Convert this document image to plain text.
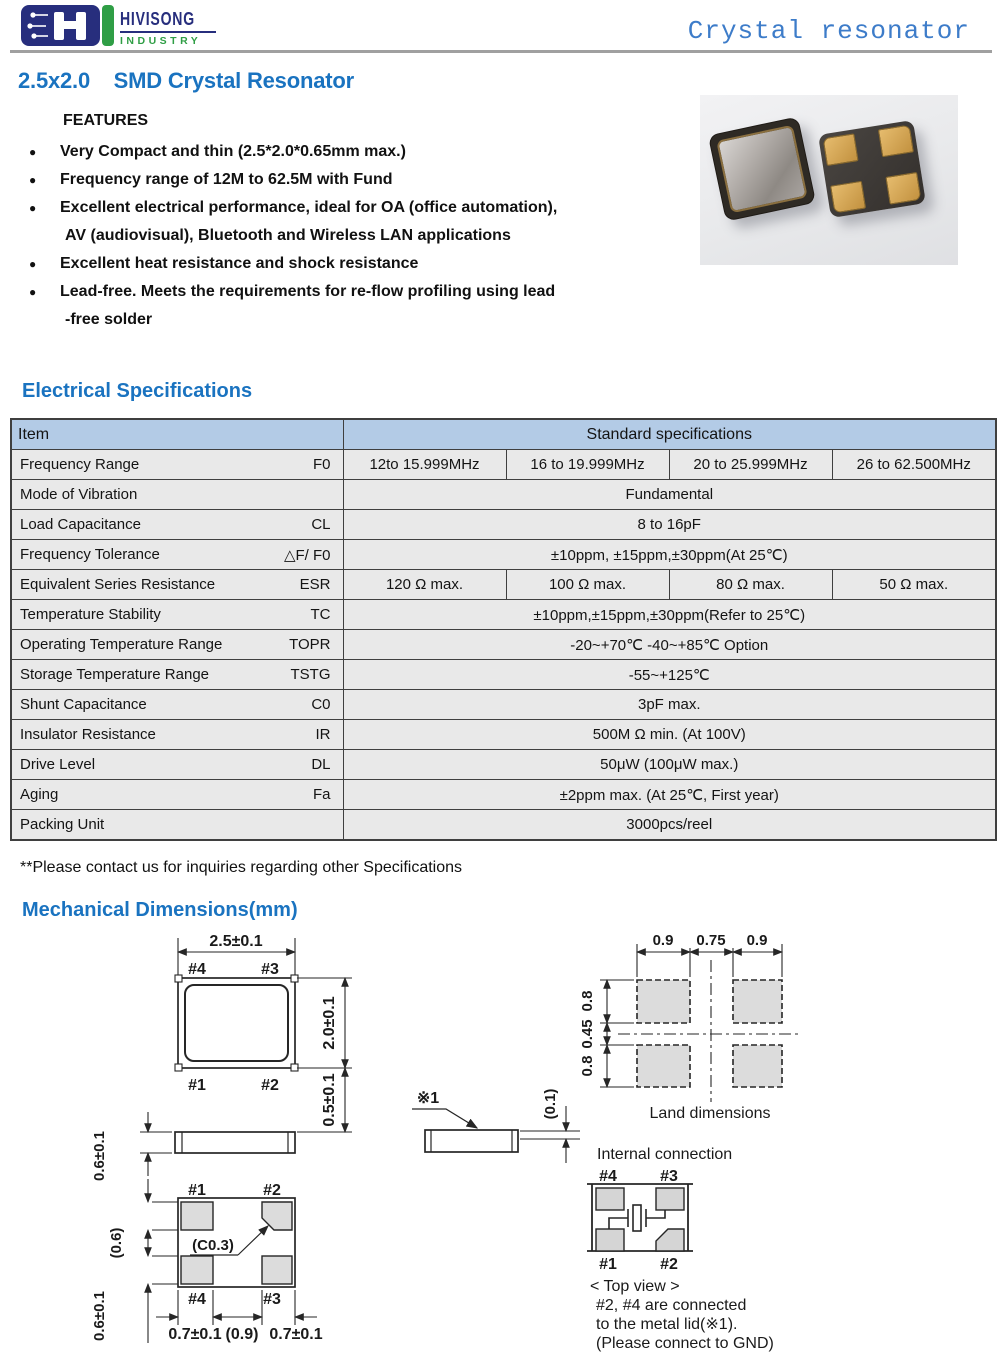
HIVISONG
INDUSTRY	Crystal resonator
2.5x2.0    SMD Crystal Resonator
FEATURES
● Very Compact and thin (2.5*2.0*0.65mm max.)
● Frequency range of 12M to 62.5M with Fund
● Excellent electrical performance, ideal for OA (office automation),
AV (audiovisual), Bluetooth and Wireless LAN applications
● Excellent heat resistance and shock resistance
● Lead-free. Meets the requirements for re-flow profiling using lead
-free solder
Electrical Specifications
Item	Standard specifications			

Frequency Range F0	12to 15.999MHz	16 to 19.999MHz	20 to 25.999MHz	26 to 62.500MHz

Mode of Vibration	Fundamental			

Load Capacitance CL	8 to 16pF			

Frequency Tolerance △F/ F0	±10ppm, ±15ppm,±30ppm(At 25℃)			

Equivalent Series Resistance ESR	120 Ω max.	100 Ω max.	80 Ω max.	50 Ω max.

Temperature Stability TC	±10ppm,±15ppm,±30ppm(Refer to 25℃)			

Operating Temperature Range TOPR	-20~+70℃ -40~+85℃ Option			

Storage Temperature Range TSTG	-55~+125℃			

Shunt Capacitance C0	3pF max.			

Insulator Resistance IR	500M Ω min. (At 100V)			

Drive Level DL	50μW (100μW max.)			

Aging Fa	±2ppm max. (At 25℃, First year)			

Packing Unit	3000pcs/reel			
**Please contact us for inquiries regarding other Specifications
Mechanical Dimensions(mm)
2.5±0.1
#4	#3
#1	#2
2.0±0.1
0.5±0.1
0.6±0.1
(0.6)
0.6±0.1
#1	#2
#4	#3
(C0.3)
0.7±0.1 (0.9) 0.7±0.1
※1	(0.1)
0.9 0.75 0.9
0.8
0.45
0.8
Land dimensions
Internal connection
#4	#3
#1	#2
< Top view >
#2, #4 are connected
to the metal lid(※1).
(Please connect to GND)
